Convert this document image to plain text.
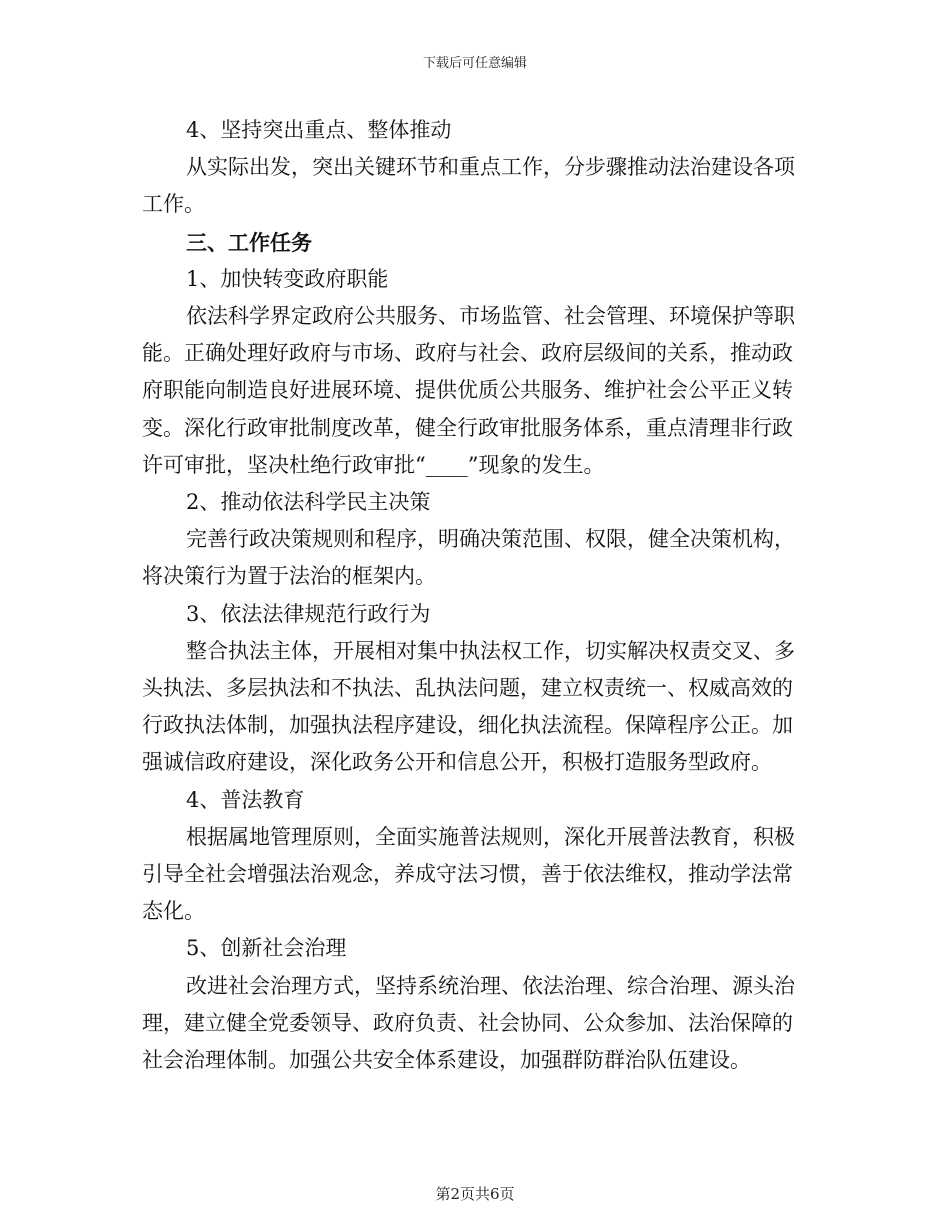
下载后可任意编辑

4、坚持突出重点、整体推动

从实际出发，突出关键环节和重点工作，分步骤推动法治建设各项工作。

三、工作任务

1、加快转变政府职能

依法科学界定政府公共服务、市场监管、社会管理、环境保护等职能。正确处理好政府与市场、政府与社会、政府层级间的关系，推动政府职能向制造良好进展环境、提供优质公共服务、维护社会公平正义转变。深化行政审批制度改革，健全行政审批服务体系，重点清理非行政许可审批，坚决杜绝行政审批“____”现象的发生。

2、推动依法科学民主决策

完善行政决策规则和程序，明确决策范围、权限，健全决策机构，将决策行为置于法治的框架内。

3、依法法律规范行政行为

整合执法主体，开展相对集中执法权工作，切实解决权责交叉、多头执法、多层执法和不执法、乱执法问题，建立权责统一、权威高效的行政执法体制，加强执法程序建设，细化执法流程。保障程序公正。加强诚信政府建设，深化政务公开和信息公开，积极打造服务型政府。

4、普法教育

根据属地管理原则，全面实施普法规则，深化开展普法教育，积极引导全社会增强法治观念，养成守法习惯，善于依法维权，推动学法常态化。

5、创新社会治理

改进社会治理方式，坚持系统治理、依法治理、综合治理、源头治理，建立健全党委领导、政府负责、社会协同、公众参加、法治保障的社会治理体制。加强公共安全体系建设，加强群防群治队伍建设。

第2页共6页
